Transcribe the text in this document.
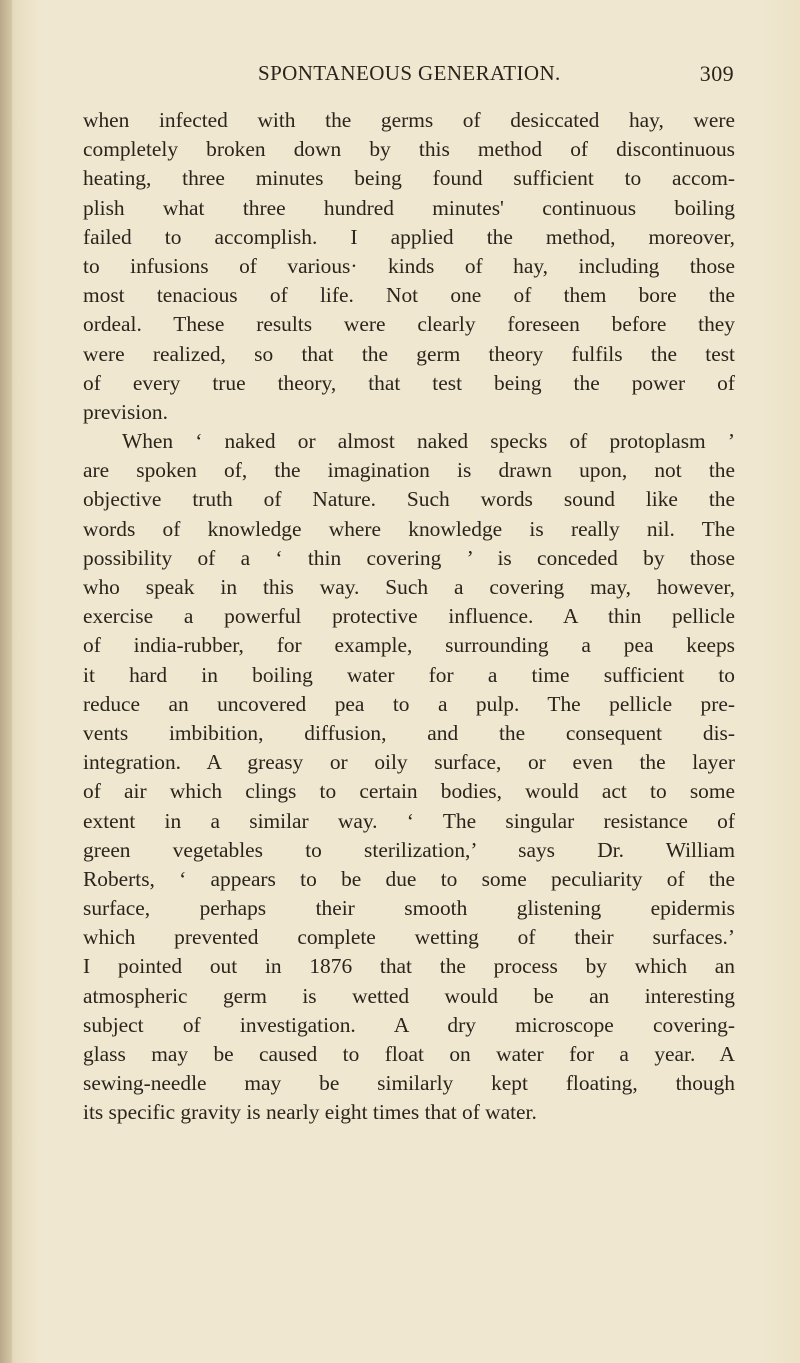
SPONTANEOUS GENERATION.	309
when infected with the germs of desiccated hay, were
completely broken down by this method of discontinuous
heating, three minutes being found sufficient to accom-
plish what three hundred minutes' continuous boiling
failed to accomplish. I applied the method, moreover,
to infusions of various· kinds of hay, including those
most tenacious of life. Not one of them bore the
ordeal. These results were clearly foreseen before they
were realized, so that the germ theory fulfils the test
of every true theory, that test being the power of
prevision.
When ‘ naked or almost naked specks of protoplasm ’
are spoken of, the imagination is drawn upon, not the
objective truth of Nature. Such words sound like the
words of knowledge where knowledge is really nil. The
possibility of a ‘ thin covering ’ is conceded by those
who speak in this way. Such a covering may, however,
exercise a powerful protective influence. A thin pellicle
of india-rubber, for example, surrounding a pea keeps
it hard in boiling water for a time sufficient to
reduce an uncovered pea to a pulp. The pellicle pre-
vents imbibition, diffusion, and the consequent dis-
integration. A greasy or oily surface, or even the layer
of air which clings to certain bodies, would act to some
extent in a similar way. ‘ The singular resistance of
green vegetables to sterilization,’ says Dr. William
Roberts, ‘ appears to be due to some peculiarity of the
surface, perhaps their smooth glistening epidermis
which prevented complete wetting of their surfaces.’
I pointed out in 1876 that the process by which an
atmospheric germ is wetted would be an interesting
subject of investigation. A dry microscope covering-
glass may be caused to float on water for a year. A
sewing-needle may be similarly kept floating, though
its specific gravity is nearly eight times that of water.
